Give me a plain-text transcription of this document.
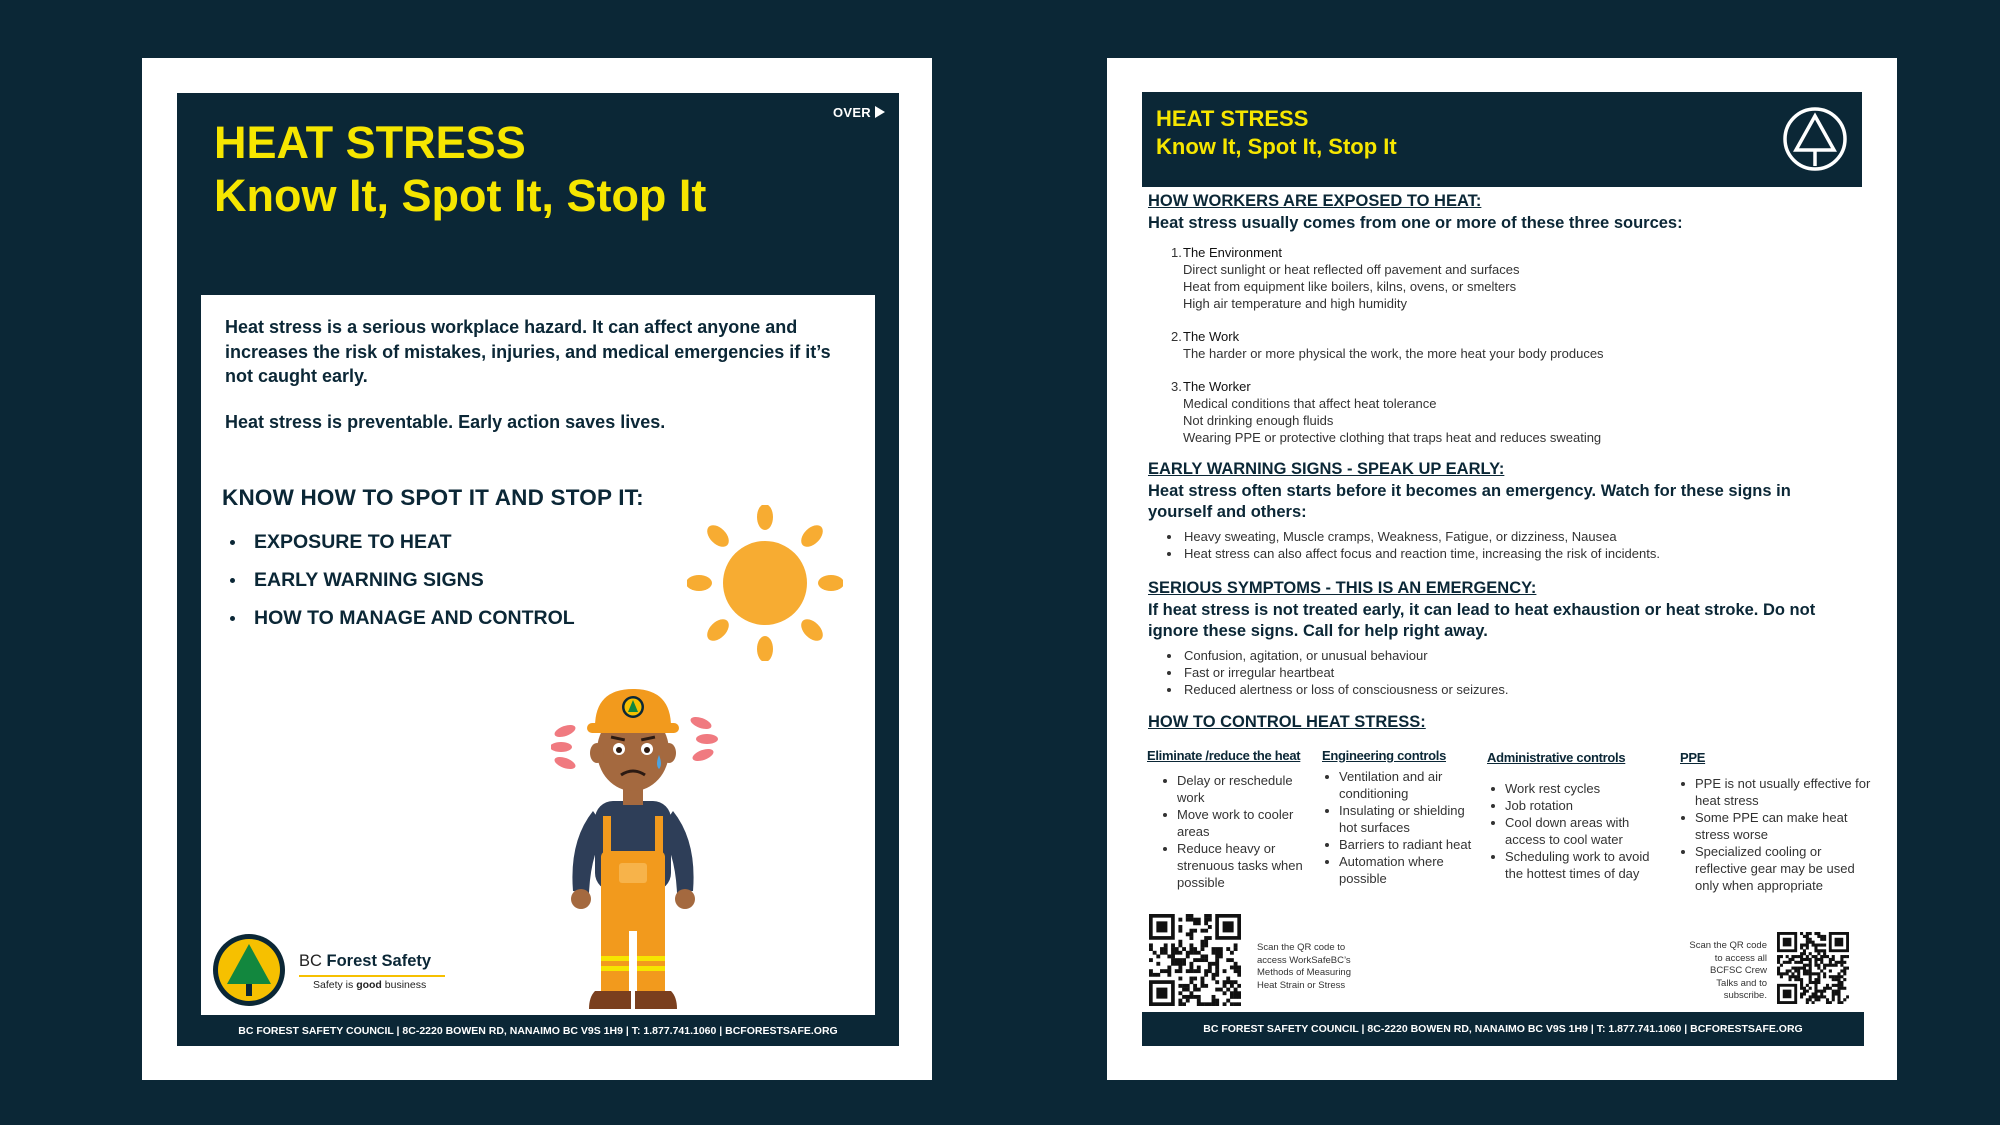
OVER
HEAT STRESS
Know It, Spot It, Stop It

Heat stress is a serious workplace hazard. It can affect anyone and increases the risk of mistakes, injuries, and medical emergencies if it’s not caught early.

Heat stress is preventable. Early action saves lives.

KNOW HOW TO SPOT IT AND STOP IT:
EXPOSURE TO HEAT
EARLY WARNING SIGNS
HOW TO MANAGE AND CONTROL
BC Forest Safety
Safety is good business
BC FOREST SAFETY COUNCIL | 8C-2220 BOWEN RD, NANAIMO BC V9S 1H9 | T: 1.877.741.1060 | BCFORESTSAFE.ORG
HEAT STRESS
Know It, Spot It, Stop It
HOW WORKERS ARE EXPOSED TO HEAT:
Heat stress usually comes from one or more of these three sources:
1. The Environment
Direct sunlight or heat reflected off pavement and surfaces
Heat from equipment like boilers, kilns, ovens, or smelters
High air temperature and high humidity
2. The Work
The harder or more physical the work, the more heat your body produces
3. The Worker
Medical conditions that affect heat tolerance
Not drinking enough fluids
Wearing PPE or protective clothing that traps heat and reduces sweating
EARLY WARNING SIGNS - SPEAK UP EARLY:
Heat stress often starts before it becomes an emergency. Watch for these signs in yourself and others:
Heavy sweating, Muscle cramps, Weakness, Fatigue, or dizziness, Nausea
Heat stress can also affect focus and reaction time, increasing the risk of incidents.
SERIOUS SYMPTOMS - THIS IS AN EMERGENCY:
If heat stress is not treated early, it can lead to heat exhaustion or heat stroke. Do not ignore these signs. Call for help right away.
Confusion, agitation, or unusual behaviour
Fast or irregular heartbeat
Reduced alertness or loss of consciousness or seizures.
HOW TO CONTROL HEAT STRESS:
Eliminate /reduce the heat
Delay or reschedule work
Move work to cooler areas
Reduce heavy or strenuous tasks when possible
Engineering controls
Ventilation and air conditioning
Insulating or shielding hot surfaces
Barriers to radiant heat
Automation where possible
Administrative controls
Work rest cycles
Job rotation
Cool down areas with access to cool water
Scheduling work to avoid the hottest times of day
PPE
PPE is not usually effective for heat stress
Some PPE can make heat stress worse
Specialized cooling or reflective gear may be used only when appropriate
Scan the QR code to access WorkSafeBC’s Methods of Measuring Heat Strain or Stress
Scan the QR code to access all BCFSC Crew Talks and to subscribe.
BC FOREST SAFETY COUNCIL | 8C-2220 BOWEN RD, NANAIMO BC V9S 1H9 | T: 1.877.741.1060 | BCFORESTSAFE.ORG
